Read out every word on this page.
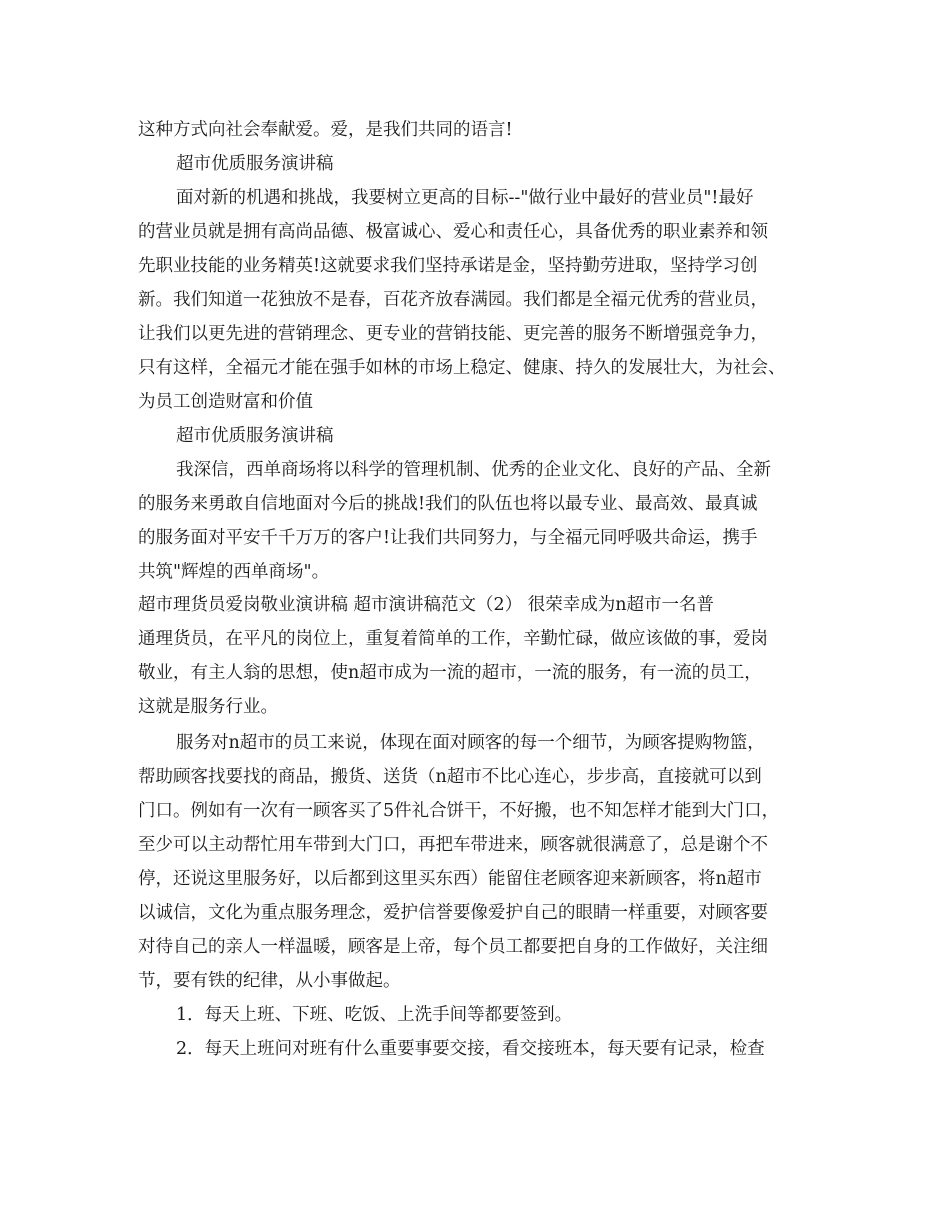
这种方式向社会奉献爱。爱，是我们共同的语言!
超市优质服务演讲稿
面对新的机遇和挑战，我要树立更高的目标--"做行业中最好的营业员"!最好
的营业员就是拥有高尚品德、极富诚心、爱心和责任心，具备优秀的职业素养和领
先职业技能的业务精英!这就要求我们坚持承诺是金，坚持勤劳进取，坚持学习创
新。我们知道一花独放不是春，百花齐放春满园。我们都是全福元优秀的营业员，
让我们以更先进的营销理念、更专业的营销技能、更完善的服务不断增强竞争力，
只有这样，全福元才能在强手如林的市场上稳定、健康、持久的发展壮大，为社会、
为员工创造财富和价值
超市优质服务演讲稿
我深信，西单商场将以科学的管理机制、优秀的企业文化、良好的产品、全新
的服务来勇敢自信地面对今后的挑战!我们的队伍也将以最专业、最高效、最真诚
的服务面对平安千千万万的客户!让我们共同努力，与全福元同呼吸共命运，携手
共筑"辉煌的西单商场"。
超市理货员爱岗敬业演讲稿 超市演讲稿范文（2） 很荣幸成为n超市一名普
通理货员，在平凡的岗位上，重复着简单的工作，辛勤忙碌，做应该做的事，爱岗
敬业，有主人翁的思想，使n超市成为一流的超市，一流的服务，有一流的员工，
这就是服务行业。
服务对n超市的员工来说，体现在面对顾客的每一个细节，为顾客提购物篮，
帮助顾客找要找的商品，搬货、送货（n超市不比心连心，步步高，直接就可以到
门口。例如有一次有一顾客买了5件礼合饼干，不好搬，也不知怎样才能到大门口，
至少可以主动帮忙用车带到大门口，再把车带进来，顾客就很满意了，总是谢个不
停，还说这里服务好，以后都到这里买东西）能留住老顾客迎来新顾客，将n超市
以诚信，文化为重点服务理念，爱护信誉要像爱护自己的眼睛一样重要，对顾客要
对待自己的亲人一样温暖，顾客是上帝，每个员工都要把自身的工作做好，关注细
节，要有铁的纪律，从小事做起。
1．每天上班、下班、吃饭、上洗手间等都要签到。
2．每天上班问对班有什么重要事要交接，看交接班本，每天要有记录，检查
